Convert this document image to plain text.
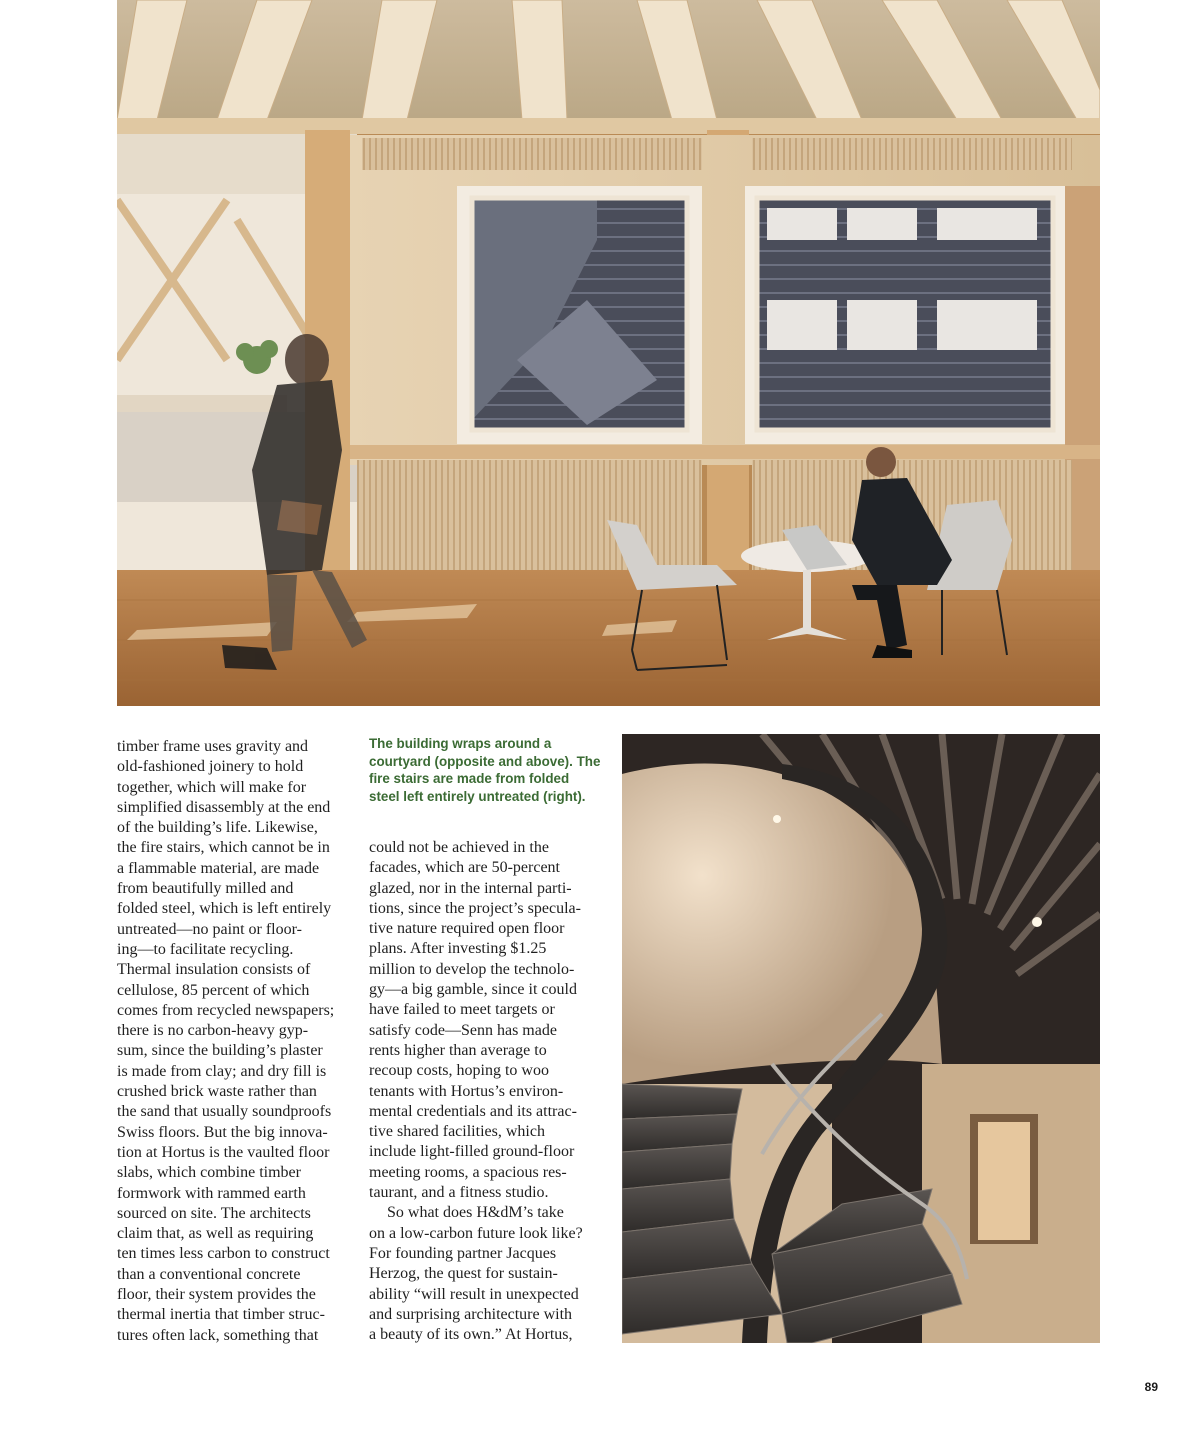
timber frame uses gravity and
old-fashioned joinery to hold
together, which will make for
simplified disassembly at the end
of the building’s life. Likewise,
the fire stairs, which cannot be in
a flammable material, are made
from beautifully milled and
folded steel, which is left entirely
untreated—no paint or floor-
ing—to facilitate recycling.
Thermal insulation consists of
cellulose, 85 percent of which
comes from recycled newspapers;
there is no carbon-heavy gyp-
sum, since the building’s plaster
is made from clay; and dry fill is
crushed brick waste rather than
the sand that usually soundproofs
Swiss floors. But the big innova-
tion at Hortus is the vaulted floor
slabs, which combine timber
formwork with rammed earth
sourced on site. The architects
claim that, as well as requiring
ten times less carbon to construct
than a conventional concrete
floor, their system provides the
thermal inertia that timber struc-
tures often lack, something that

The building wraps around a courtyard (opposite and above). The fire stairs are made from folded steel left entirely untreated (right).

could not be achieved in the
facades, which are 50-percent
glazed, nor in the internal parti-
tions, since the project’s specula-
tive nature required open floor
plans. After investing $1.25
million to develop the technolo-
gy—a big gamble, since it could
have failed to meet targets or
satisfy code—Senn has made
rents higher than average to
recoup costs, hoping to woo
tenants with Hortus’s environ-
mental credentials and its attrac-
tive shared facilities, which
include light-filled ground-floor
meeting rooms, a spacious res-
taurant, and a fitness studio.

So what does H&dM’s take
on a low-carbon future look like?
For founding partner Jacques
Herzog, the quest for sustain-
ability “will result in unexpected
and surprising architecture with
a beauty of its own.” At Hortus,

89
